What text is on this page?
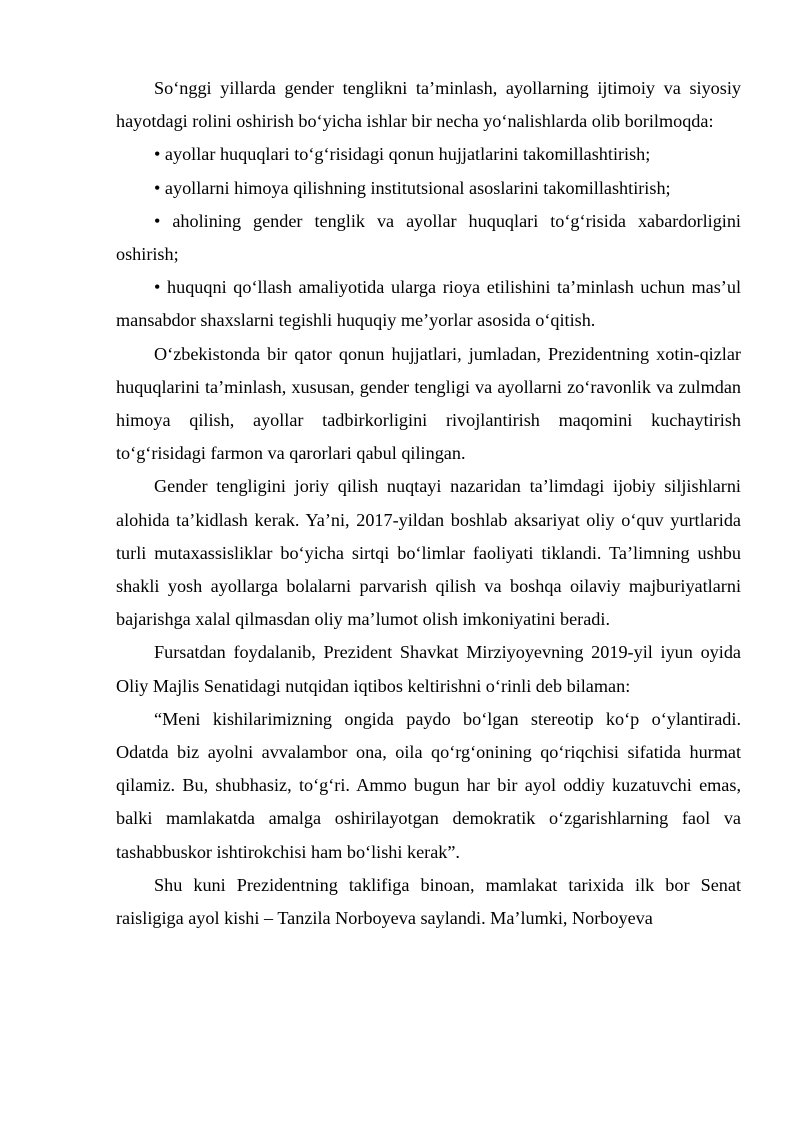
So‘nggi yillarda gender tenglikni ta’minlash, ayollarning ijtimoiy va siyosiy hayotdagi rolini oshirish bo‘yicha ishlar bir necha yo‘nalishlarda olib borilmoqda:

• ayollar huquqlari to‘g‘risidagi qonun hujjatlarini takomillashtirish;

• ayollarni himoya qilishning institutsional asoslarini takomillashtirish;

• aholining gender tenglik va ayollar huquqlari to‘g‘risida xabardorligini oshirish;

• huquqni qo‘llash amaliyotida ularga rioya etilishini ta’minlash uchun mas’ul mansabdor shaxslarni tegishli huquqiy me’yorlar asosida o‘qitish.

O‘zbekistonda bir qator qonun hujjatlari, jumladan, Prezidentning xotin-qizlar huquqlarini ta’minlash, xususan, gender tengligi va ayollarni zo‘ravonlik va zulmdan himoya qilish, ayollar tadbirkorligini rivojlantirish maqomini kuchaytirish to‘g‘risidagi farmon va qarorlari qabul qilingan.

Gender tengligini joriy qilish nuqtayi nazaridan ta’limdagi ijobiy siljishlarni alohida ta’kidlash kerak. Ya’ni, 2017-yildan boshlab aksariyat oliy o‘quv yurtlarida turli mutaxassisliklar bo‘yicha sirtqi bo‘limlar faoliyati tiklandi. Ta’limning ushbu shakli yosh ayollarga bolalarni parvarish qilish va boshqa oilaviy majburiyatlarni bajarishga xalal qilmasdan oliy ma’lumot olish imkoniyatini beradi.

Fursatdan foydalanib, Prezident Shavkat Mirziyoyevning 2019-yil iyun oyida Oliy Majlis Senatidagi nutqidan iqtibos keltirishni o‘rinli deb bilaman:

“Meni kishilarimizning ongida paydo bo‘lgan stereotip ko‘p o‘ylantiradi. Odatda biz ayolni avvalambor ona, oila qo‘rg‘onining qo‘riqchisi sifatida hurmat qilamiz. Bu, shubhasiz, to‘g‘ri. Ammo bugun har bir ayol oddiy kuzatuvchi emas, balki mamlakatda amalga oshirilayotgan demokratik o‘zgarishlarning faol va tashabbuskor ishtirokchisi ham bo‘lishi kerak”.

Shu kuni Prezidentning taklifiga binoan, mamlakat tarixida ilk bor Senat raisligiga ayol kishi – Tanzila Norboyeva saylandi. Ma’lumki, Norboyeva
